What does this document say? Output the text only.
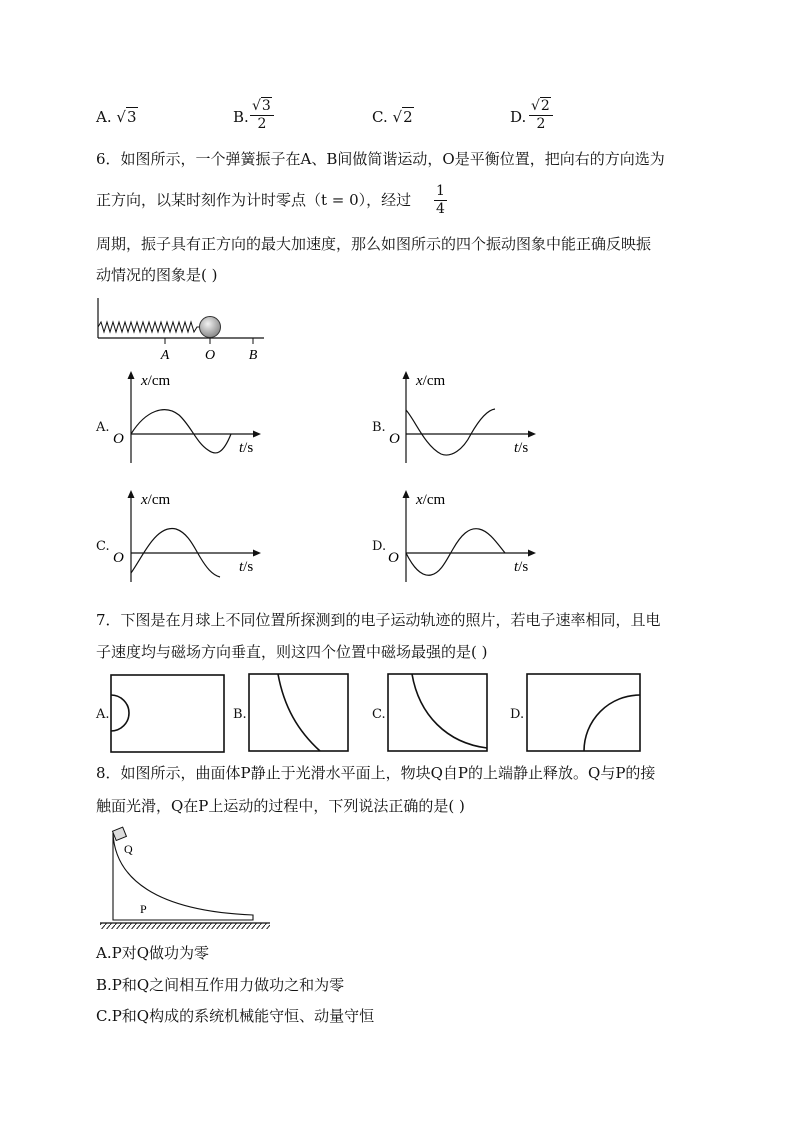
A. √3	B. $\frac{√3}{2}$	C. √2	D. $\frac{√2}{2}$
6．如图所示，一个弹簧振子在A、B间做简谐运动，O是平衡位置，把向右的方向选为
正方向，以某时刻作为计时零点（t = 0），经过 $\frac{1}{4}$
周期，振子具有正方向的最大加速度，那么如图所示的四个振动图象中能正确反映振
动情况的图象是( )
A	O B
A.
x/cm
O
t/s
B.
x/cm
O
t/s
C.
x/cm
O
t/s
D.
x/cm
O
t/s
7．下图是在月球上不同位置所探测到的电子运动轨迹的照片，若电子速率相同，且电
子速度均与磁场方向垂直，则这四个位置中磁场最强的是( )
A.	B.	C.	D.
8．如图所示，曲面体P静止于光滑水平面上，物块Q自P的上端静止释放。Q与P的接
触面光滑，Q在P上运动的过程中，下列说法正确的是( )
Q
P
A.P对Q做功为零
B.P和Q之间相互作用力做功之和为零
C.P和Q构成的系统机械能守恒、动量守恒
